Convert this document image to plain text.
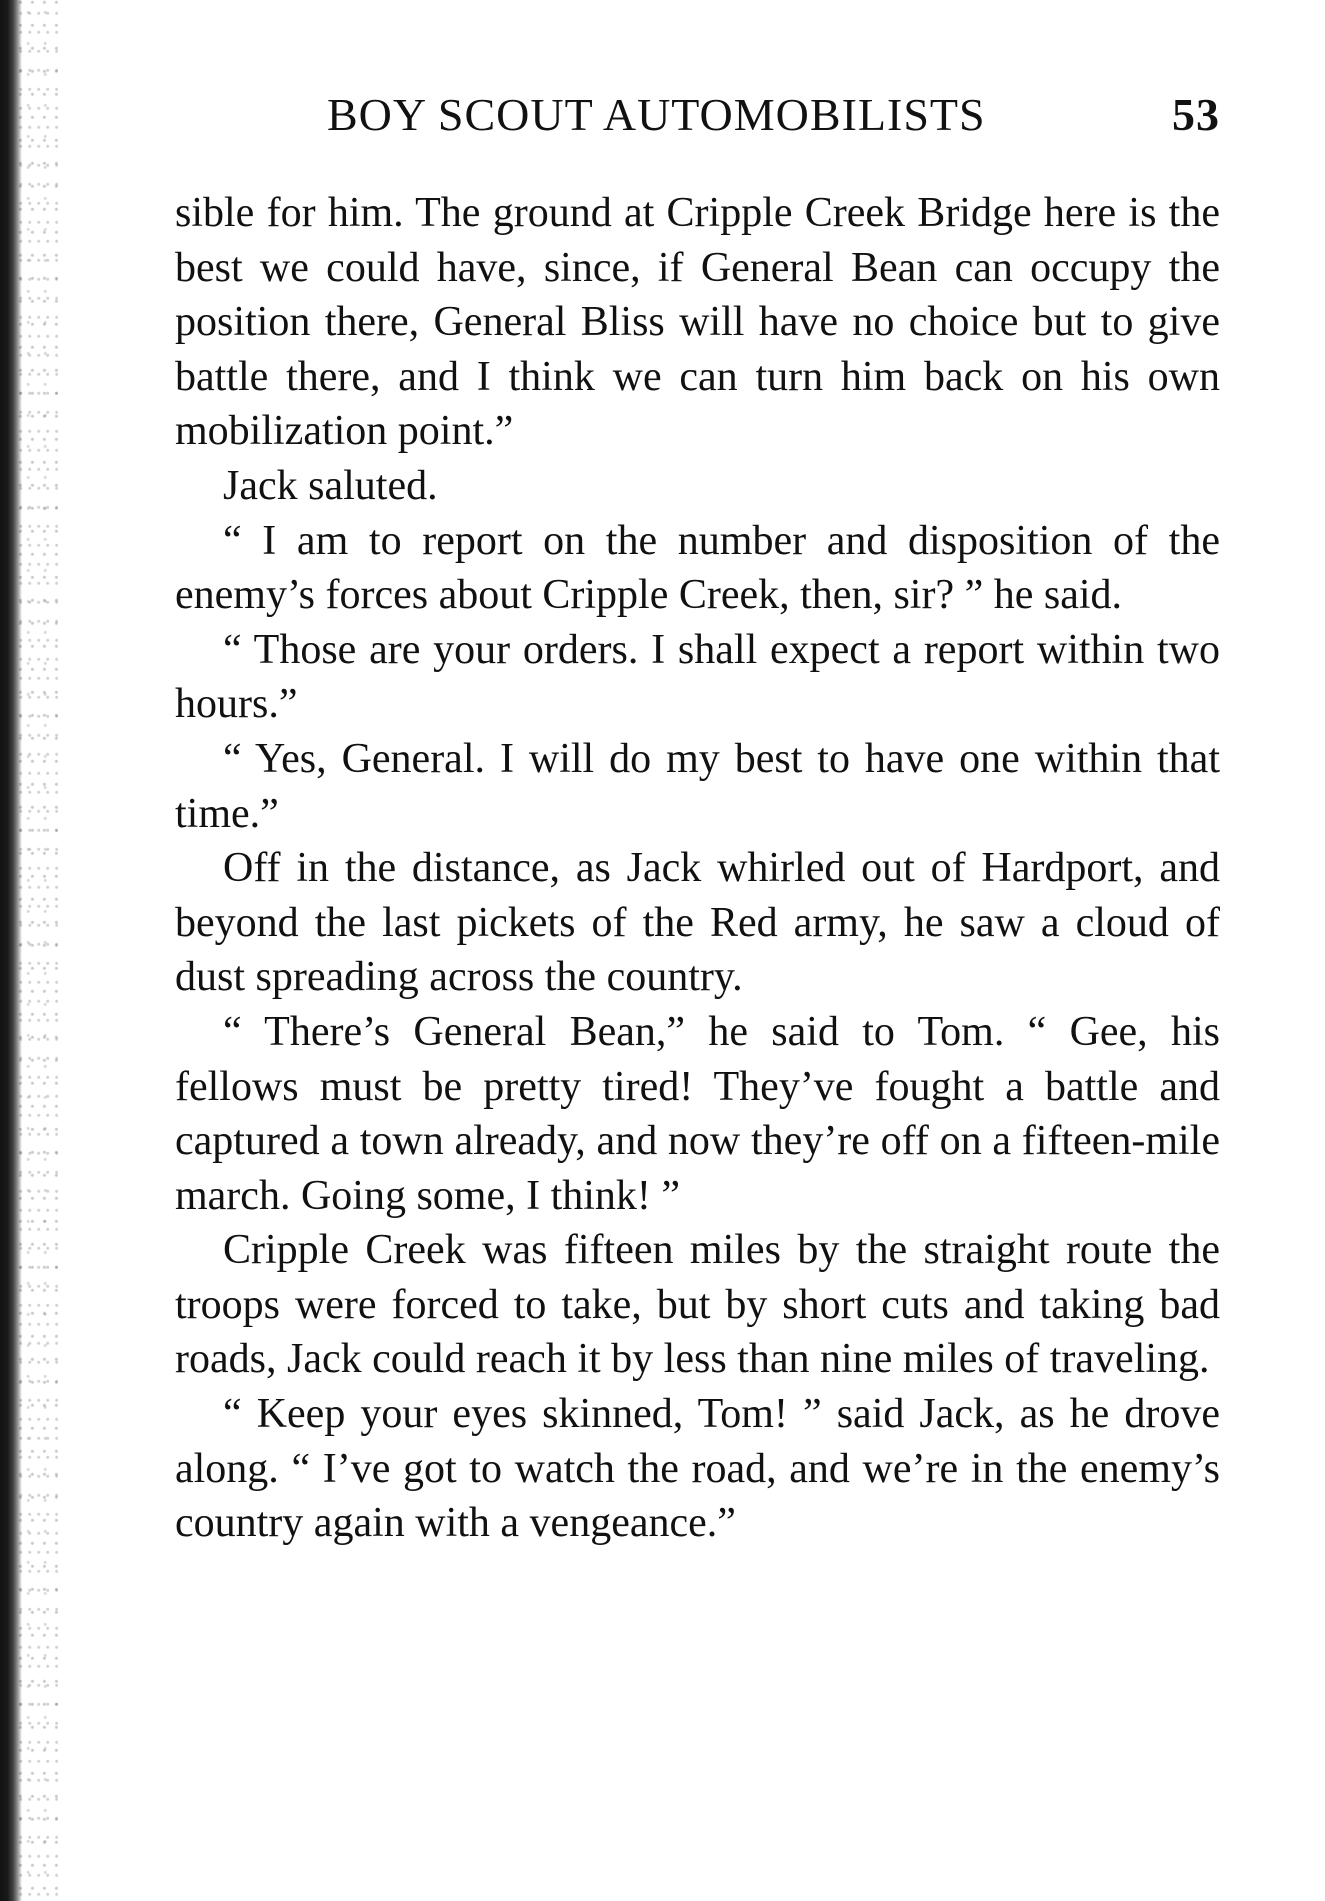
BOY SCOUT AUTOMOBILISTS	53

sible for him. The ground at Cripple Creek Bridge here is the best we could have, since, if General Bean can occupy the position there, General Bliss will have no choice but to give battle there, and I think we can turn him back on his own mobilization point.”

Jack saluted.

“ I am to report on the number and disposition of the enemy’s forces about Cripple Creek, then, sir? ” he said.

“ Those are your orders. I shall expect a report within two hours.”

“ Yes, General. I will do my best to have one within that time.”

Off in the distance, as Jack whirled out of Hardport, and beyond the last pickets of the Red army, he saw a cloud of dust spreading across the country.

“ There’s General Bean,” he said to Tom. “ Gee, his fellows must be pretty tired! They’ve fought a battle and captured a town already, and now they’re off on a fifteen-mile march. Going some, I think! ”

Cripple Creek was fifteen miles by the straight route the troops were forced to take, but by short cuts and taking bad roads, Jack could reach it by less than nine miles of traveling.

“ Keep your eyes skinned, Tom! ” said Jack, as he drove along. “ I’ve got to watch the road, and we’re in the enemy’s country again with a vengeance.”
